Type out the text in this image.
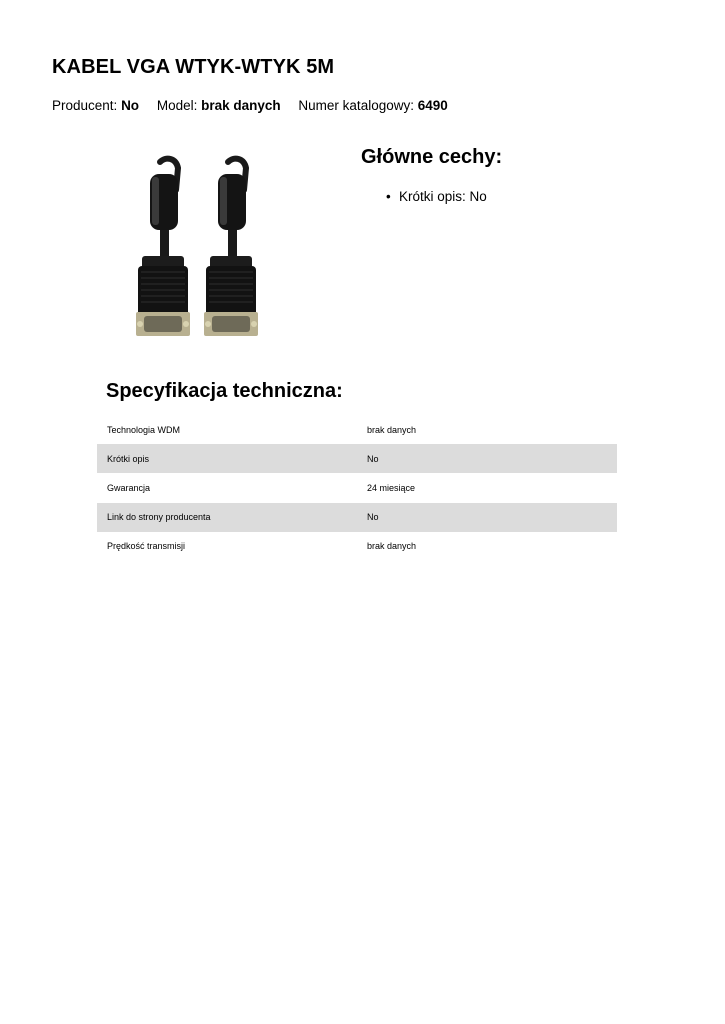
KABEL VGA WTYK-WTYK 5M
Producent: No Model: brak danych Numer katalogowy: 6490
Główne cechy:
• Krótki opis: No
Specyfikacja techniczna:
Technologia WDM	brak danych
Krótki opis	No
Gwarancja	24 miesiące
Link do strony producenta	No
Prędkość transmisji	brak danych
